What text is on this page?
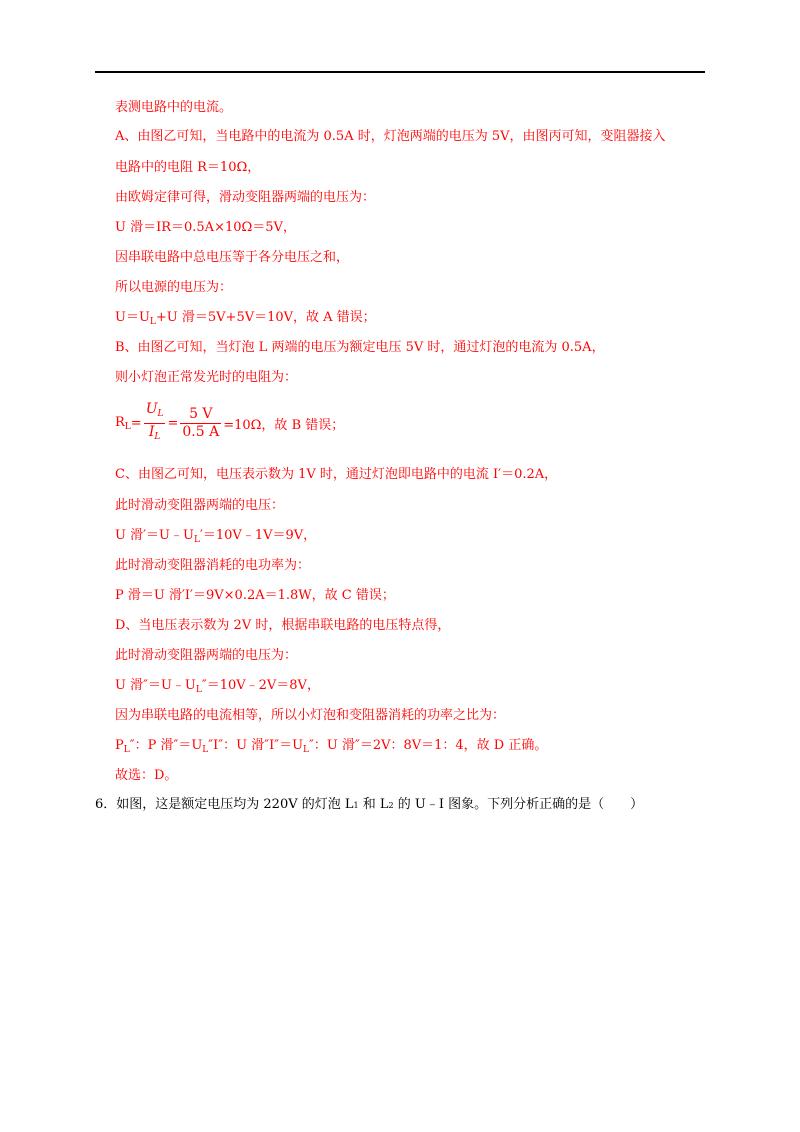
表测电路中的电流。
A、由图乙可知，当电路中的电流为 0.5A 时，灯泡两端的电压为 5V，由图丙可知，变阻器接入
电路中的电阻 R＝10Ω，
由欧姆定律可得，滑动变阻器两端的电压为：
U 滑＝IR＝0.5A×10Ω＝5V，
因串联电路中总电压等于各分电压之和，
所以电源的电压为：
$U=U_L+U$ 滑＝5V+5V＝10V，故 A 错误；
B、由图乙可知，当灯泡 L 两端的电压为额定电压 5V 时，通过灯泡的电流为 0.5A，
则小灯泡正常发光时的电阻为：
$R_L = \frac{U_L}{I_L} = \frac{5 V}{0.5 A} =10\Omega$，故 B 错误；
C、由图乙可知，电压表示数为 1V 时，通过灯泡即电路中的电流 I′＝0.2A，
此时滑动变阻器两端的电压：
U 滑$'=U﹣U_L'=10V﹣1V=9V$，
此时滑动变阻器消耗的电功率为：
P 滑＝U 滑′I′＝9V×0.2A＝1.8W，故 C 错误；
D、当电压表示数为 2V 时，根据串联电路的电压特点得，
此时滑动变阻器两端的电压为：
U 滑$''=U﹣U_L''=10V﹣2V=8V$，
因为串联电路的电流相等，所以小灯泡和变阻器消耗的功率之比为：
$P_L''$：P 滑$''=U_L''I''$：U 滑$''I''=U_L''$：U 滑″＝2V：8V＝1：4，故 D 正确。
故选：D。
6．如图，这是额定电压均为 220V 的灯泡 L1 和 L2 的 U﹣I 图象。下列分析正确的是（　　）
